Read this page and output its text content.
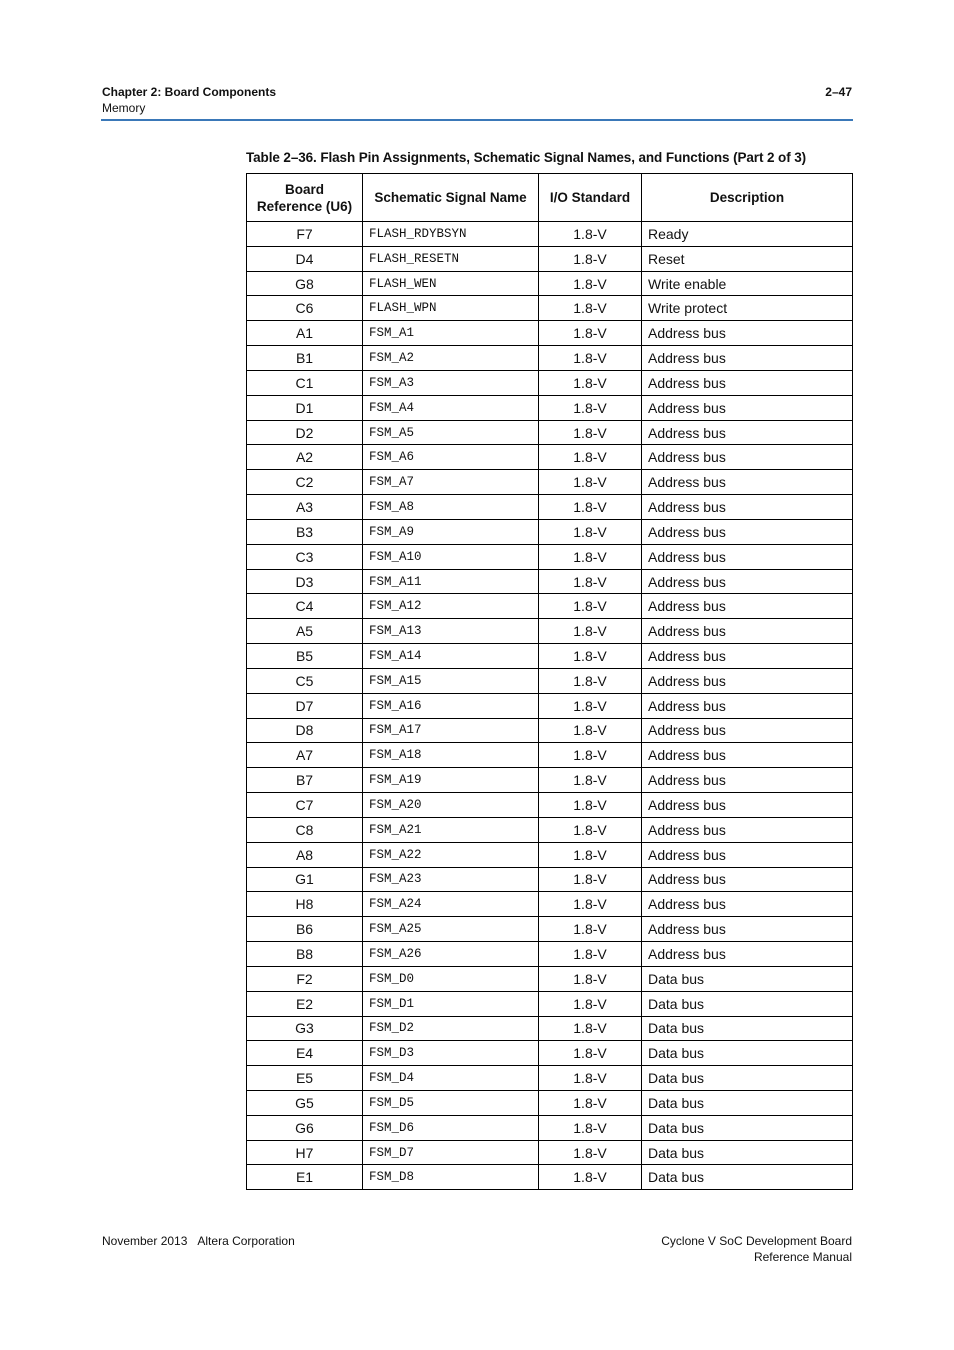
Chapter 2: Board Components
Memory
2–47
Table 2–36. Flash Pin Assignments, Schematic Signal Names, and Functions (Part 2 of 3)
Board Reference (U6)	Schematic Signal Name	I/O Standard	Description
F7	FLASH_RDYBSYN	1.8-V	Ready
D4	FLASH_RESETN	1.8-V	Reset
G8	FLASH_WEN	1.8-V	Write enable
C6	FLASH_WPN	1.8-V	Write protect
A1	FSM_A1	1.8-V	Address bus
B1	FSM_A2	1.8-V	Address bus
C1	FSM_A3	1.8-V	Address bus
D1	FSM_A4	1.8-V	Address bus
D2	FSM_A5	1.8-V	Address bus
A2	FSM_A6	1.8-V	Address bus
C2	FSM_A7	1.8-V	Address bus
A3	FSM_A8	1.8-V	Address bus
B3	FSM_A9	1.8-V	Address bus
C3	FSM_A10	1.8-V	Address bus
D3	FSM_A11	1.8-V	Address bus
C4	FSM_A12	1.8-V	Address bus
A5	FSM_A13	1.8-V	Address bus
B5	FSM_A14	1.8-V	Address bus
C5	FSM_A15	1.8-V	Address bus
D7	FSM_A16	1.8-V	Address bus
D8	FSM_A17	1.8-V	Address bus
A7	FSM_A18	1.8-V	Address bus
B7	FSM_A19	1.8-V	Address bus
C7	FSM_A20	1.8-V	Address bus
C8	FSM_A21	1.8-V	Address bus
A8	FSM_A22	1.8-V	Address bus
G1	FSM_A23	1.8-V	Address bus
H8	FSM_A24	1.8-V	Address bus
B6	FSM_A25	1.8-V	Address bus
B8	FSM_A26	1.8-V	Address bus
F2	FSM_D0	1.8-V	Data bus
E2	FSM_D1	1.8-V	Data bus
G3	FSM_D2	1.8-V	Data bus
E4	FSM_D3	1.8-V	Data bus
E5	FSM_D4	1.8-V	Data bus
G5	FSM_D5	1.8-V	Data bus
G6	FSM_D6	1.8-V	Data bus
H7	FSM_D7	1.8-V	Data bus
E1	FSM_D8	1.8-V	Data bus
November 2013 Altera Corporation	Cyclone V SoC Development Board
Reference Manual
